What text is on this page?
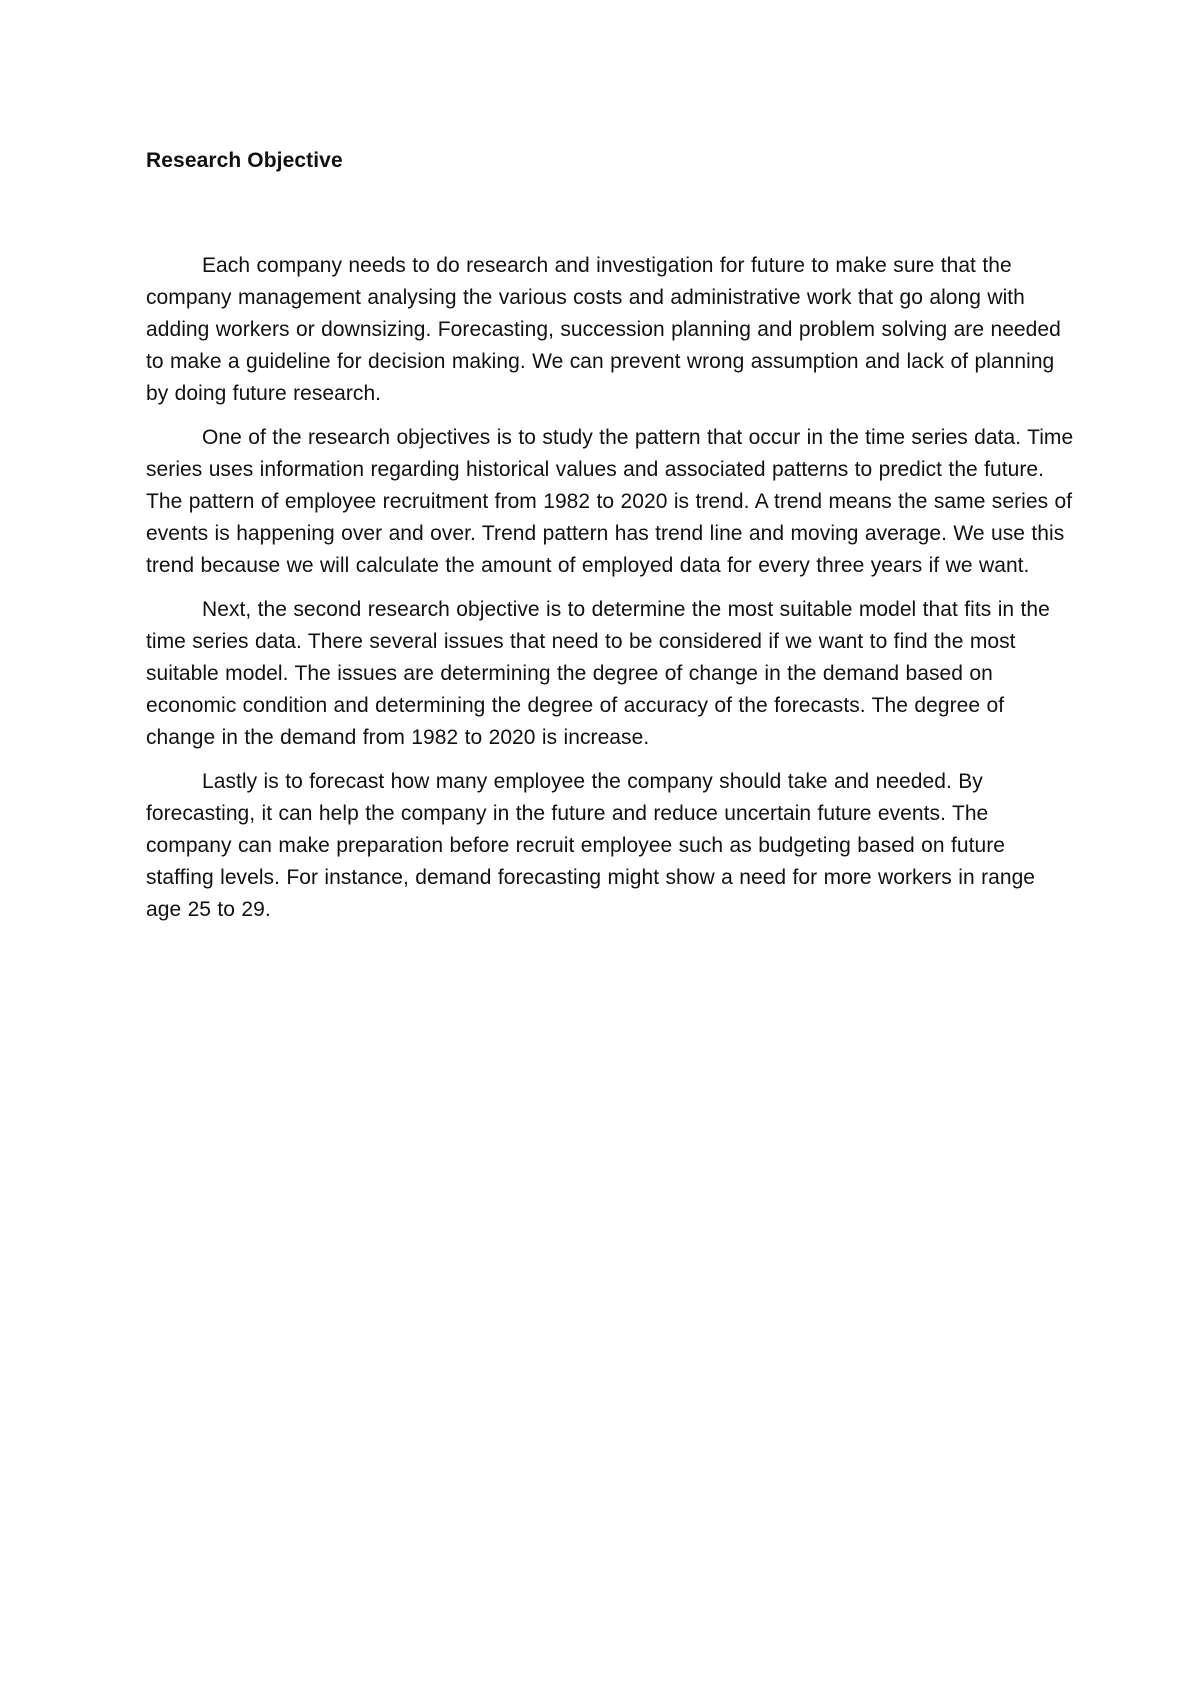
Research Objective

Each company needs to do research and investigation for future to make sure that the company management analysing the various costs and administrative work that go along with adding workers or downsizing. Forecasting, succession planning and problem solving are needed to make a guideline for decision making. We can prevent wrong assumption and lack of planning by doing future research.

One of the research objectives is to study the pattern that occur in the time series data. Time series uses information regarding historical values and associated patterns to predict the future. The pattern of employee recruitment from 1982 to 2020 is trend. A trend means the same series of events is happening over and over. Trend pattern has trend line and moving average. We use this trend because we will calculate the amount of employed data for every three years if we want.

Next, the second research objective is to determine the most suitable model that fits in the time series data. There several issues that need to be considered if we want to find the most suitable model. The issues are determining the degree of change in the demand based on economic condition and determining the degree of accuracy of the forecasts. The degree of change in the demand from 1982 to 2020 is increase.

Lastly is to forecast how many employee the company should take and needed. By forecasting, it can help the company in the future and reduce uncertain future events. The company can make preparation before recruit employee such as budgeting based on future staffing levels. For instance, demand forecasting might show a need for more workers in range age 25 to 29.
